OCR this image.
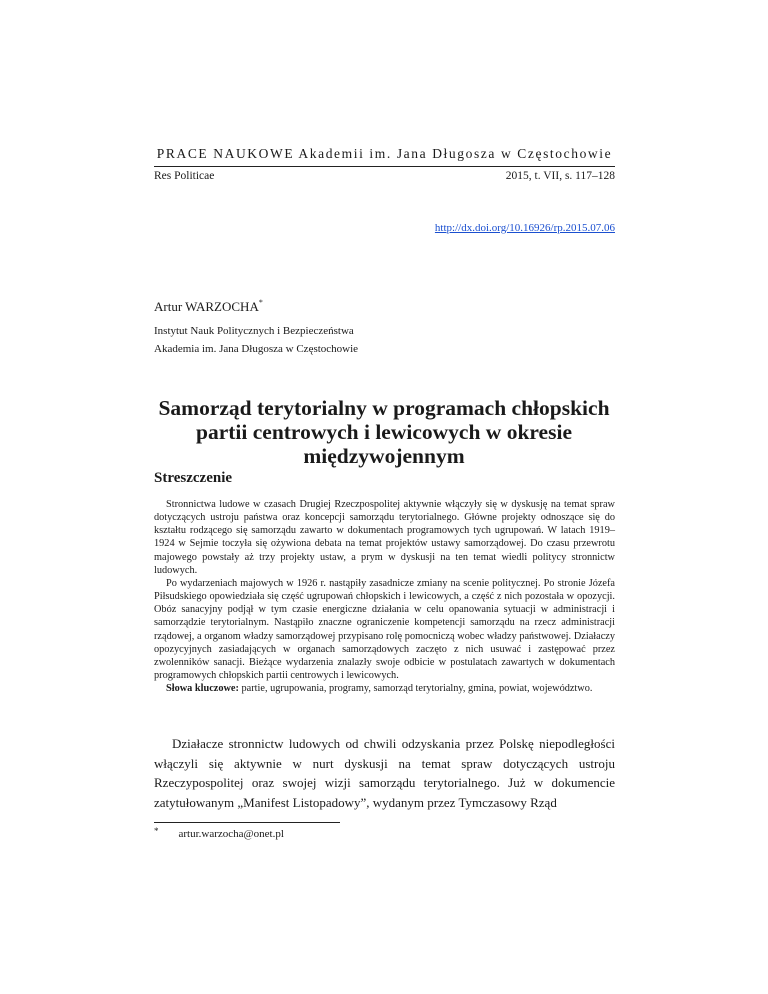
PRACE NAUKOWE Akademii im. Jana Długosza w Częstochowie
Res Politicae	2015, t. VII, s. 117–128
http://dx.doi.org/10.16926/rp.2015.07.06
Artur WARZOCHA*
Instytut Nauk Politycznych i Bezpieczeństwa
Akademia im. Jana Długosza w Częstochowie
Samorząd terytorialny w programach chłopskich partii centrowych i lewicowych w okresie międzywojennym
Streszczenie

Stronnictwa ludowe w czasach Drugiej Rzeczpospolitej aktywnie włączyły się w dyskusję na temat spraw dotyczących ustroju państwa oraz koncepcji samorządu terytorialnego. Główne projekty odnoszące się do kształtu rodzącego się samorządu zawarto w dokumentach programowych tych ugrupowań. W latach 1919–1924 w Sejmie toczyła się ożywiona debata na temat projektów ustawy samorządowej. Do czasu przewrotu majowego powstały aż trzy projekty ustaw, a prym w dyskusji na ten temat wiedli politycy stronnictw ludowych.

Po wydarzeniach majowych w 1926 r. nastąpiły zasadnicze zmiany na scenie politycznej. Po stronie Józefa Piłsudskiego opowiedziała się część ugrupowań chłopskich i lewicowych, a część z nich pozostała w opozycji. Obóz sanacyjny podjął w tym czasie energiczne działania w celu opanowania sytuacji w administracji i samorządzie terytorialnym. Nastąpiło znaczne ograniczenie kompetencji samorządu na rzecz administracji rządowej, a organom władzy samorządowej przypisano rolę pomocniczą wobec władzy państwowej. Działaczy opozycyjnych zasiadających w organach samorządowych zaczęto z nich usuwać i zastępować przez zwolenników sanacji. Bieżące wydarzenia znalazły swoje odbicie w postulatach zawartych w dokumentach programowych chłopskich partii centrowych i lewicowych.

Słowa kluczowe: partie, ugrupowania, programy, samorząd terytorialny, gmina, powiat, województwo.

Działacze stronnictw ludowych od chwili odzyskania przez Polskę niepodległości włączyli się aktywnie w nurt dyskusji na temat spraw dotyczących ustroju Rzeczypospolitej oraz swojej wizji samorządu terytorialnego. Już w dokumencie zatytułowanym „Manifest Listopadowy”, wydanym przez Tymczasowy Rząd

* artur.warzocha@onet.pl
